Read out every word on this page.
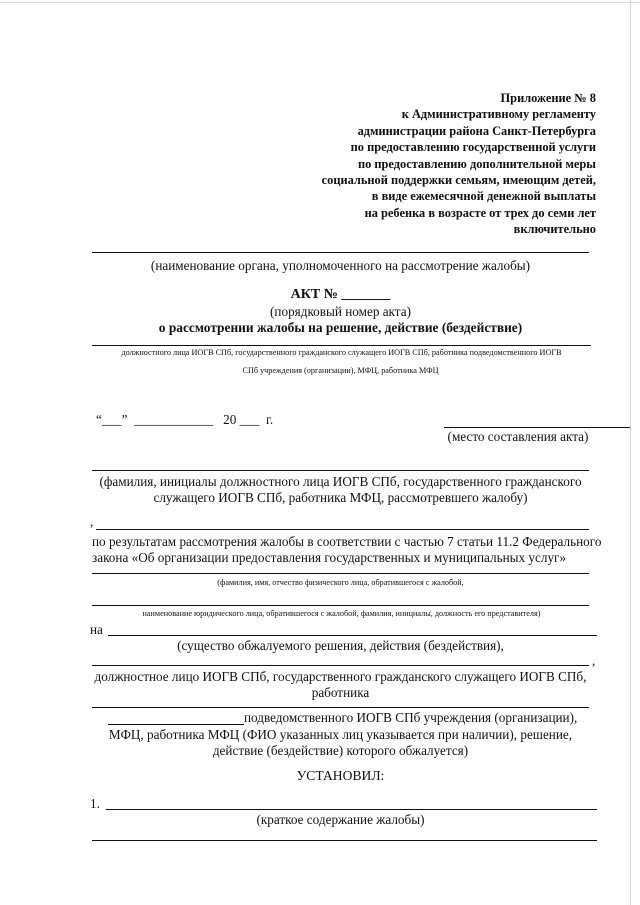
Приложение № 8
к Административному регламенту
администрации района Санкт-Петербурга
по предоставлению государственной услуги
по предоставлению дополнительной меры
социальной поддержки семьям, имеющим детей,
в виде ежемесячной денежной выплаты
на ребенка в возрасте от трех до семи лет
включительно
(наименование органа, уполномоченного на рассмотрение жалобы)
АКТ № _______
(порядковый номер акта)
о рассмотрении жалобы на решение, действие (бездействие)
должностного лица ИОГВ СПб, государственного гражданского служащего ИОГВ СПб, работника подведомственного ИОГВ
СПб учреждения (организации), МФЦ, работника МФЦ
“___” ____________ 20 ___ г.
(место составления акта)
(фамилия, инициалы должностного лица ИОГВ СПб, государственного гражданского
служащего ИОГВ СПб, работника МФЦ, рассмотревшего жалобу)
,
по результатам рассмотрения жалобы в соответствии с частью 7 статьи 11.2 Федерального
закона «Об организации предоставления государственных и муниципальных услуг»
(фамилия, имя, отчество физического лица, обратившегося с жалобой,
наименование юридического лица, обратившегося с жалобой, фамилия, инициалы, должность его представителя)
на
(существо обжалуемого решения, действия (бездействия),
,
должностное лицо ИОГВ СПб, государственного гражданского служащего ИОГВ СПб,
работника
подведомственного ИОГВ СПб учреждения (организации),
МФЦ, работника МФЦ (ФИО указанных лиц указывается при наличии), решение,
действие (бездействие) которого обжалуется)
УСТАНОВИЛ:
1.
(краткое содержание жалобы)
